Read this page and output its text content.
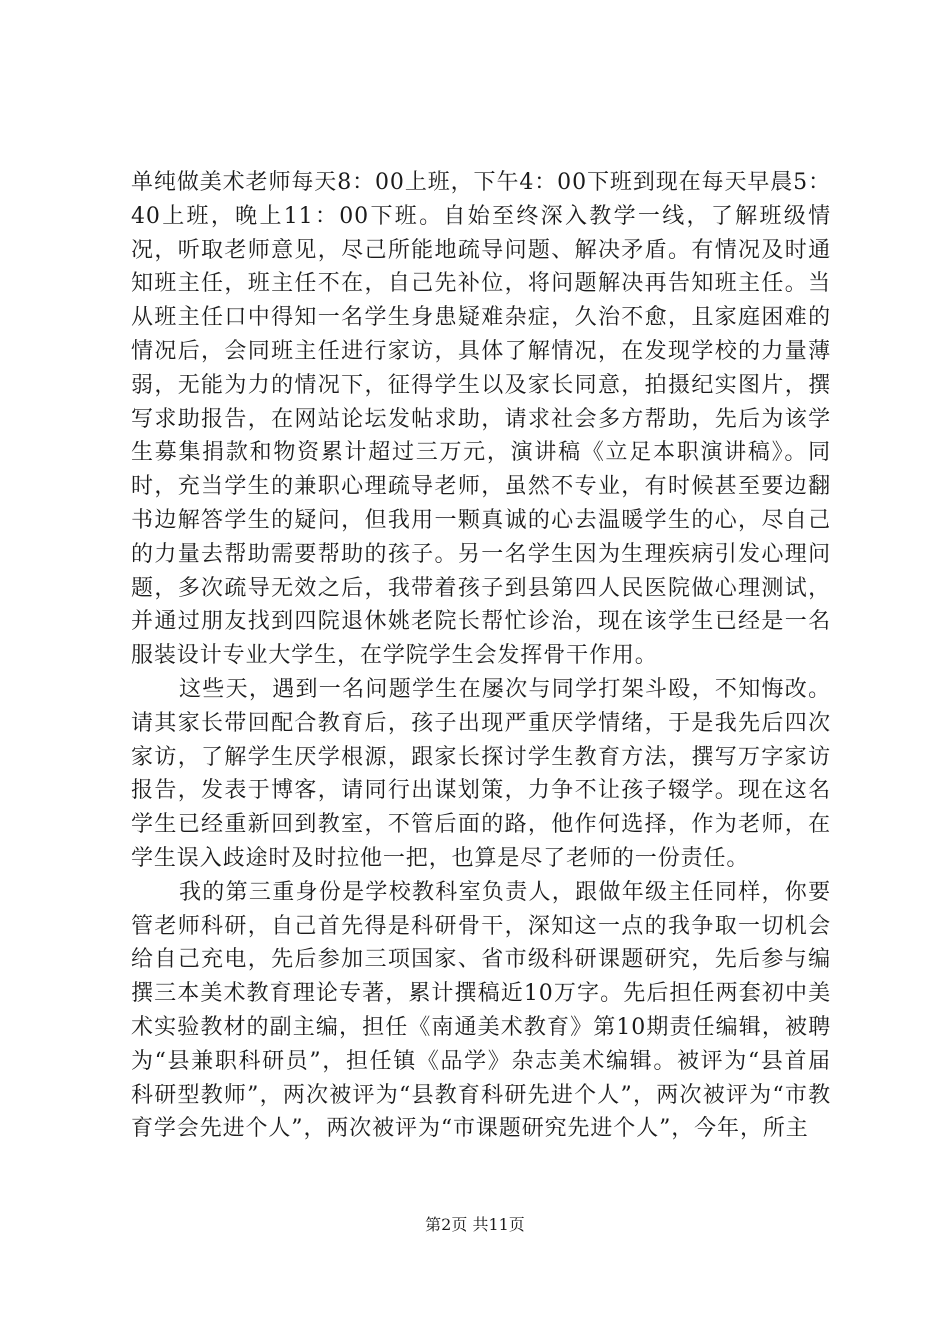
单纯做美术老师每天8：00上班，下午4：00下班到现在每天早晨5：40上班，晚上11：00下班。自始至终深入教学一线，了解班级情况，听取老师意见，尽己所能地疏导问题、解决矛盾。有情况及时通知班主任，班主任不在，自己先补位，将问题解决再告知班主任。当从班主任口中得知一名学生身患疑难杂症，久治不愈，且家庭困难的情况后，会同班主任进行家访，具体了解情况，在发现学校的力量薄弱，无能为力的情况下，征得学生以及家长同意，拍摄纪实图片，撰写求助报告，在网站论坛发帖求助，请求社会多方帮助，先后为该学生募集捐款和物资累计超过三万元，演讲稿《立足本职演讲稿》。同时，充当学生的兼职心理疏导老师，虽然不专业，有时候甚至要边翻书边解答学生的疑问，但我用一颗真诚的心去温暖学生的心，尽自己的力量去帮助需要帮助的孩子。另一名学生因为生理疾病引发心理问题，多次疏导无效之后，我带着孩子到县第四人民医院做心理测试，并通过朋友找到四院退休姚老院长帮忙诊治，现在该学生已经是一名服装设计专业大学生，在学院学生会发挥骨干作用。

这些天，遇到一名问题学生在屡次与同学打架斗殴，不知悔改。请其家长带回配合教育后，孩子出现严重厌学情绪，于是我先后四次家访，了解学生厌学根源，跟家长探讨学生教育方法，撰写万字家访报告，发表于博客，请同行出谋划策，力争不让孩子辍学。现在这名学生已经重新回到教室，不管后面的路，他作何选择，作为老师，在学生误入歧途时及时拉他一把，也算是尽了老师的一份责任。

我的第三重身份是学校教科室负责人，跟做年级主任同样，你要管老师科研，自己首先得是科研骨干，深知这一点的我争取一切机会给自己充电，先后参加三项国家、省市级科研课题研究，先后参与编撰三本美术教育理论专著，累计撰稿近10万字。先后担任两套初中美术实验教材的副主编，担任《南通美术教育》第10期责任编辑，被聘为“县兼职科研员”，担任镇《品学》杂志美术编辑。被评为“县首届科研型教师”，两次被评为“县教育科研先进个人”，两次被评为“市教育学会先进个人”，两次被评为“市课题研究先进个人”，今年，所主

第2页 共11页
